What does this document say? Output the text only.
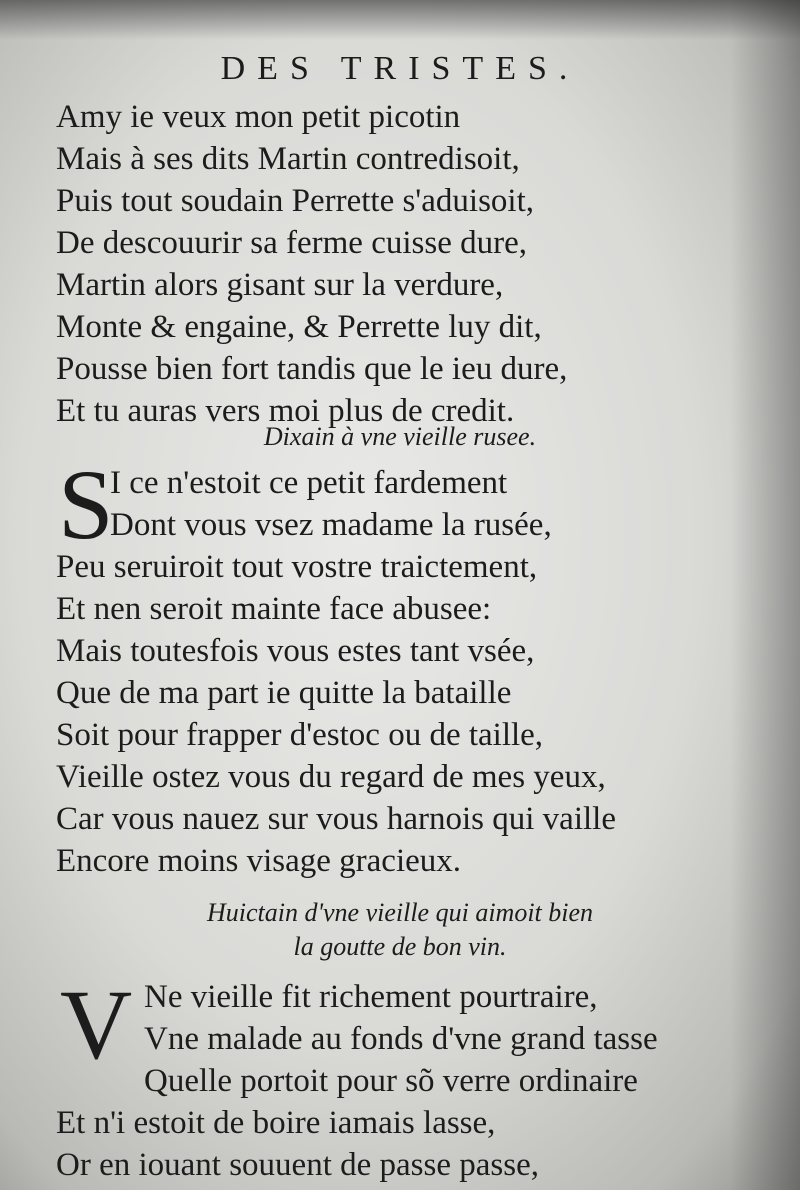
DES TRISTES.
Amy ie veux mon petit picotin
Mais à ses dits Martin contredisoit,
Puis tout soudain Perrette s'aduisoit,
De descouurir sa ferme cuisse dure,
Martin alors gisant sur la verdure,
Monte & engaine, & Perrette luy dit,
Pousse bien fort tandis que le ieu dure,
Et tu auras vers moi plus de credit.
Dixain à vne vieille rusee.
S
I ce n'estoit ce petit fardement
Dont vous vsez madame la rusée,
Peu seruiroit tout vostre traictement,
Et nen seroit mainte face abusee:
Mais toutesfois vous estes tant vsée,
Que de ma part ie quitte la bataille
Soit pour frapper d'estoc ou de taille,
Vieille ostez vous du regard de mes yeux,
Car vous nauez sur vous harnois qui vaille
Encore moins visage gracieux.
Huictain d'vne vieille qui aimoit bien
la goutte de bon vin.
V Ne vieille fit richement pourtraire,
Vne malade au fonds d'vne grand tasse
Quelle portoit pour sõ verre ordinaire
Et n'i estoit de boire iamais lasse,
Or en iouant souuent de passe passe,
